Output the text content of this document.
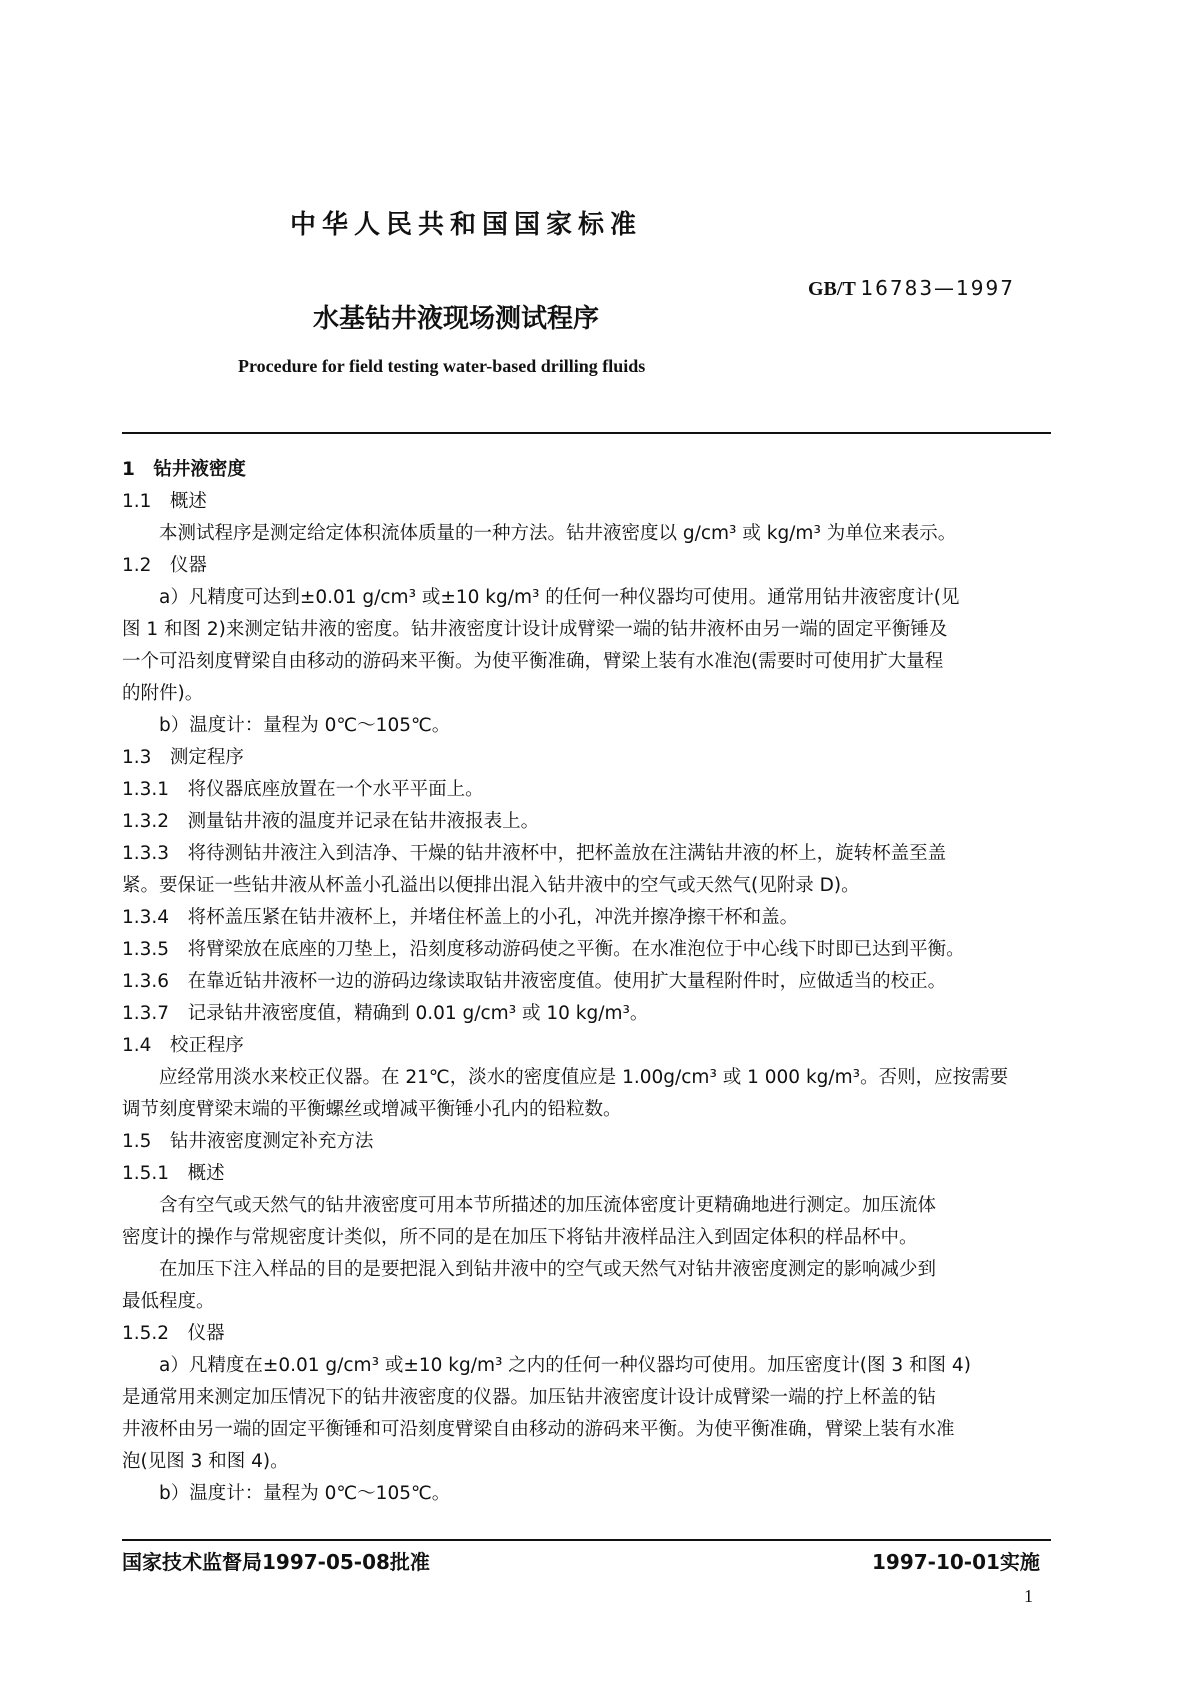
中华人民共和国国家标准
水基钻井液现场测试程序
GB/T 16783—1997
Procedure for field testing water-based drilling fluids
1　钻井液密度
1.1　概述
本测试程序是测定给定体积流体质量的一种方法。钻井液密度以 g/cm³ 或 kg/m³ 为单位来表示。
1.2　仪器
a）凡精度可达到±0.01 g/cm³ 或±10 kg/m³ 的任何一种仪器均可使用。通常用钻井液密度计(见
图 1 和图 2)来测定钻井液的密度。钻井液密度计设计成臂梁一端的钻井液杯由另一端的固定平衡锤及
一个可沿刻度臂梁自由移动的游码来平衡。为使平衡准确，臂梁上装有水准泡(需要时可使用扩大量程
的附件)。
b）温度计：量程为 0℃～105℃。
1.3　测定程序
1.3.1　将仪器底座放置在一个水平平面上。
1.3.2　测量钻井液的温度并记录在钻井液报表上。
1.3.3　将待测钻井液注入到洁净、干燥的钻井液杯中，把杯盖放在注满钻井液的杯上，旋转杯盖至盖
紧。要保证一些钻井液从杯盖小孔溢出以便排出混入钻井液中的空气或天然气(见附录 D)。
1.3.4　将杯盖压紧在钻井液杯上，并堵住杯盖上的小孔，冲洗并擦净擦干杯和盖。
1.3.5　将臂梁放在底座的刀垫上，沿刻度移动游码使之平衡。在水准泡位于中心线下时即已达到平衡。
1.3.6　在靠近钻井液杯一边的游码边缘读取钻井液密度值。使用扩大量程附件时，应做适当的校正。
1.3.7　记录钻井液密度值，精确到 0.01 g/cm³ 或 10 kg/m³。
1.4　校正程序
应经常用淡水来校正仪器。在 21℃，淡水的密度值应是 1.00g/cm³ 或 1 000 kg/m³。否则，应按需要
调节刻度臂梁末端的平衡螺丝或增减平衡锤小孔内的铅粒数。
1.5　钻井液密度测定补充方法
1.5.1　概述
含有空气或天然气的钻井液密度可用本节所描述的加压流体密度计更精确地进行测定。加压流体
密度计的操作与常规密度计类似，所不同的是在加压下将钻井液样品注入到固定体积的样品杯中。
在加压下注入样品的目的是要把混入到钻井液中的空气或天然气对钻井液密度测定的影响减少到
最低程度。
1.5.2　仪器
a）凡精度在±0.01 g/cm³ 或±10 kg/m³ 之内的任何一种仪器均可使用。加压密度计(图 3 和图 4)
是通常用来测定加压情况下的钻井液密度的仪器。加压钻井液密度计设计成臂梁一端的拧上杯盖的钻
井液杯由另一端的固定平衡锤和可沿刻度臂梁自由移动的游码来平衡。为使平衡准确，臂梁上装有水准
泡(见图 3 和图 4)。
b）温度计：量程为 0℃～105℃。
国家技术监督局1997-05-08批准	1997-10-01实施
1
